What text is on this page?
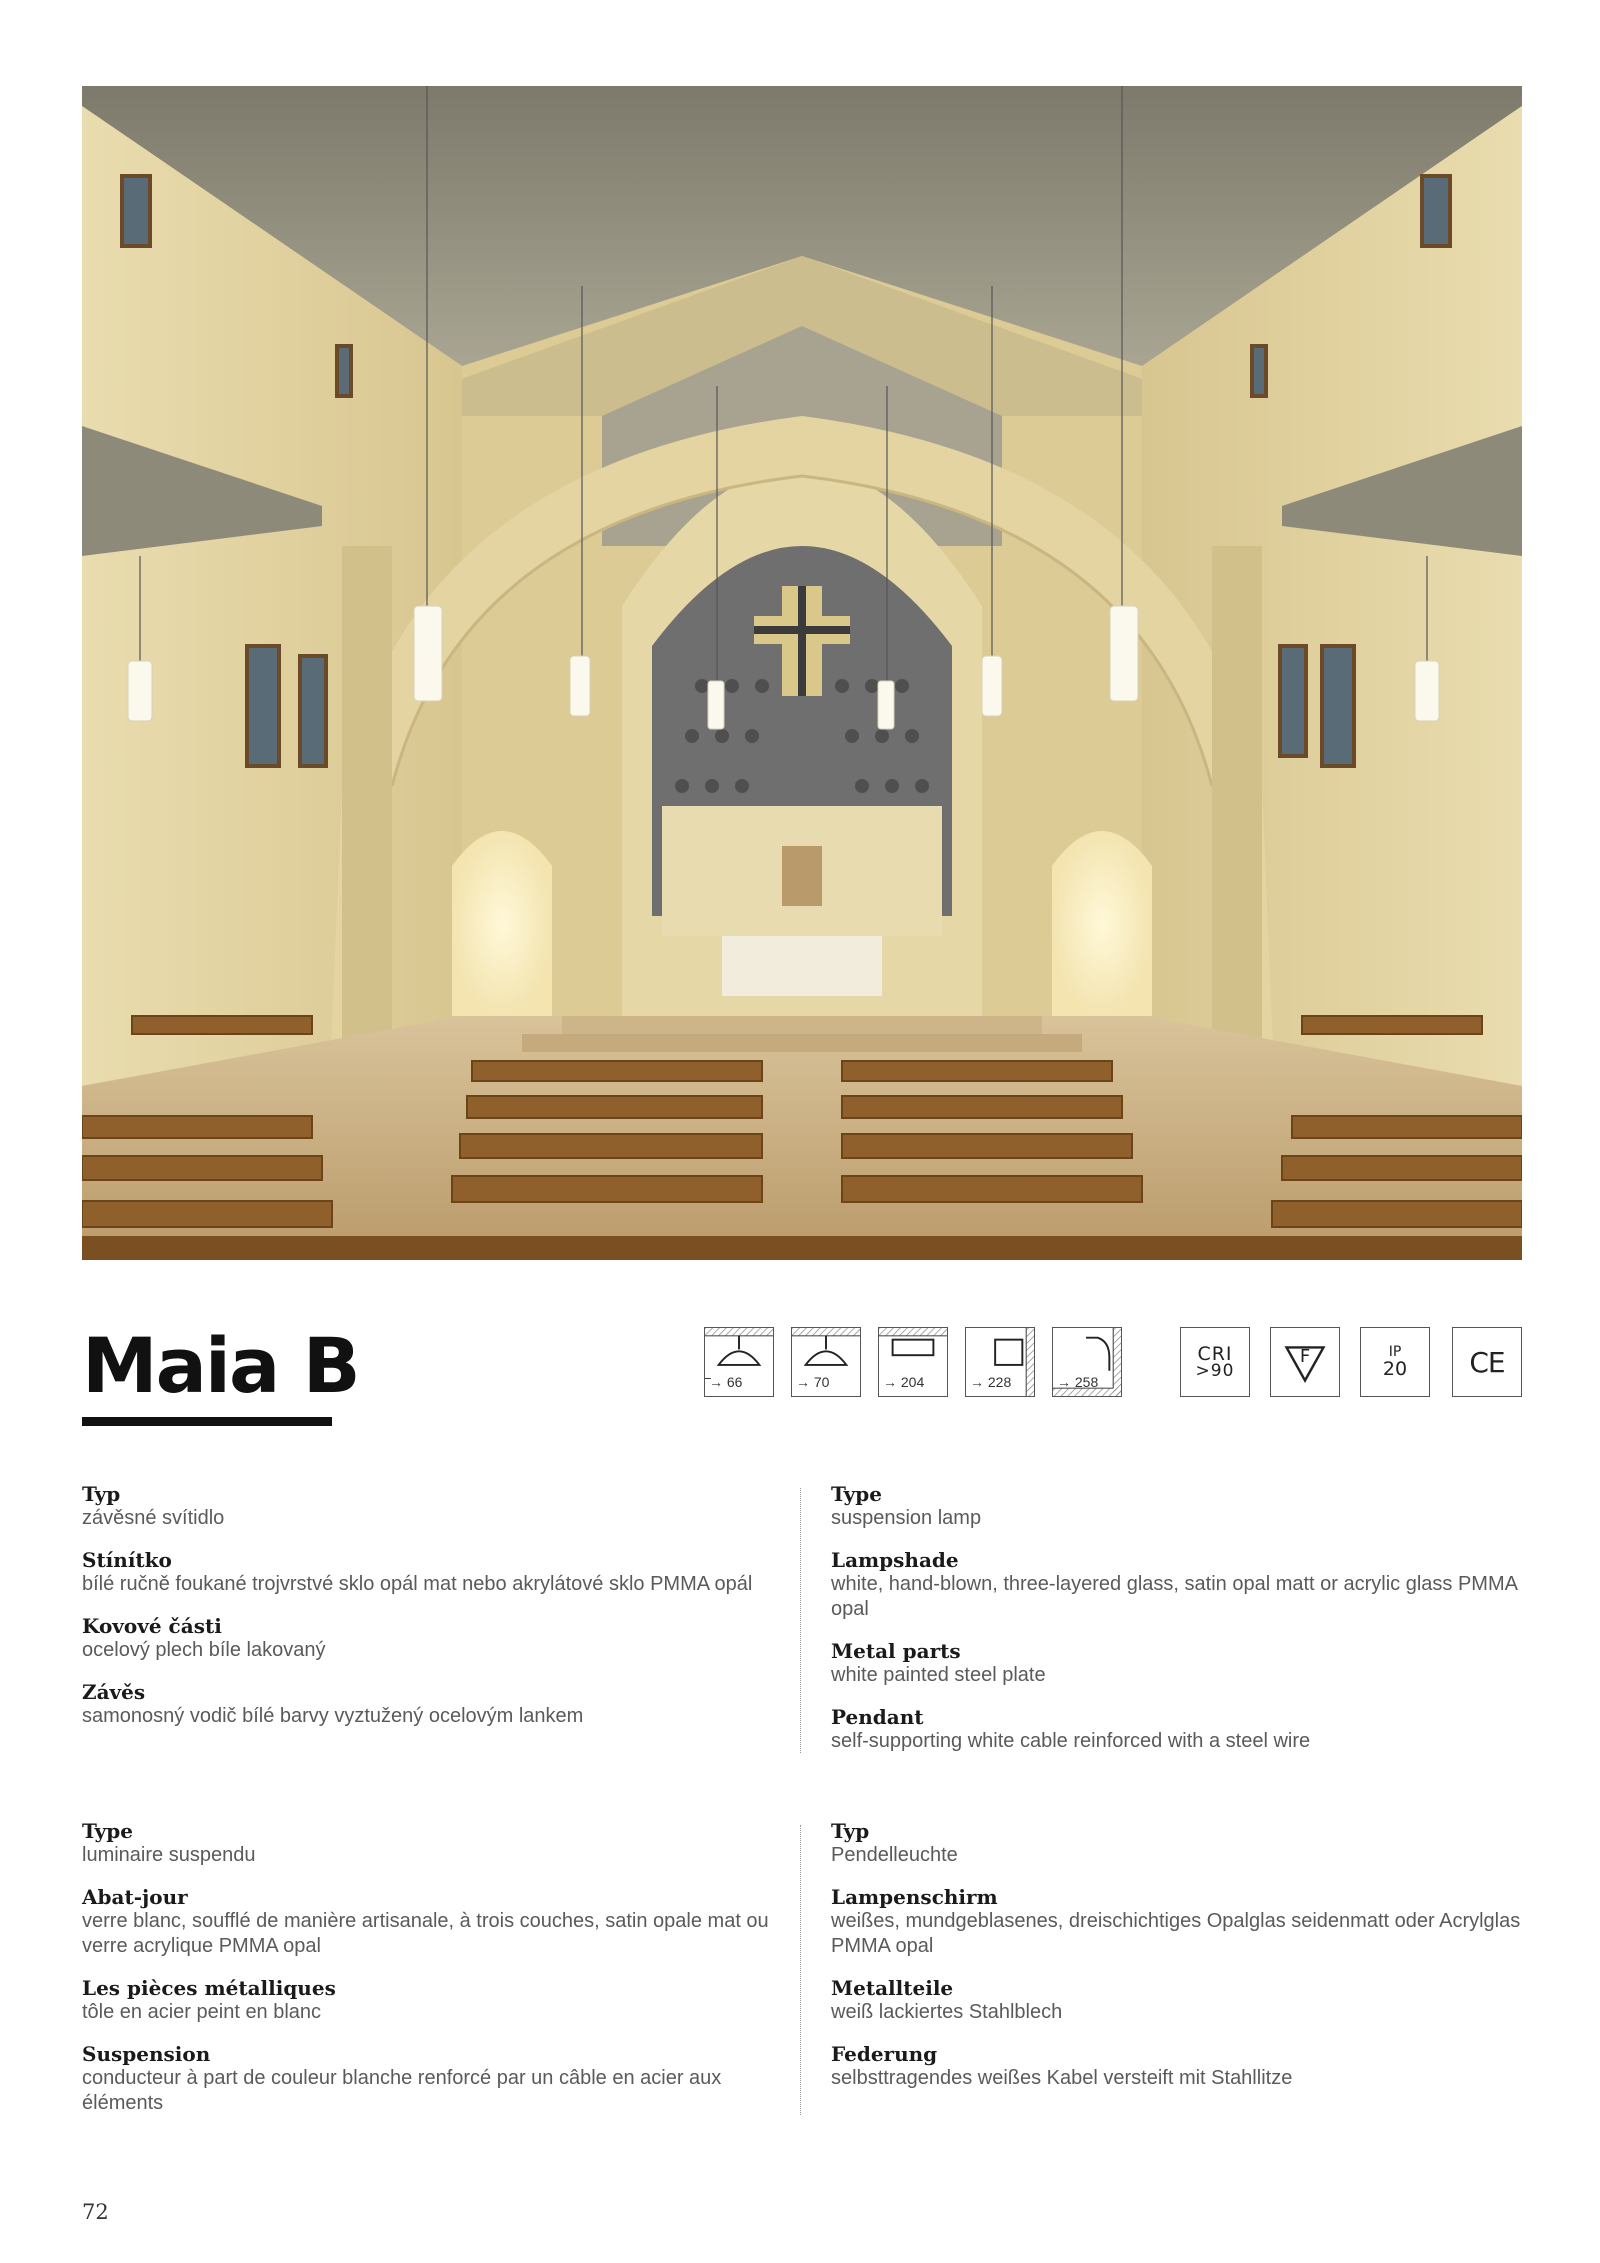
Maia B	→ 66	→ 70	→ 204	→ 228	→ 258
CRI
>90
F	IP
20 CE
Typ
závěsné svítidlo
Stínítko
bílé ručně foukané trojvrstvé sklo opál mat nebo akrylátové sklo PMMA opál
Kovové části
ocelový plech bíle lakovaný
Závěs
samonosný vodič bílé barvy vyztužený ocelovým lankem
Type
suspension lamp
Lampshade
white, hand-blown, three-layered glass, satin opal matt or acrylic glass PMMA opal
Metal parts
white painted steel plate
Pendant
self-supporting white cable reinforced with a steel wire
Type
luminaire suspendu
Abat-jour
verre blanc, soufflé de manière artisanale, à trois couches, satin opale mat ou verre acrylique PMMA opal
Les pièces métalliques
tôle en acier peint en blanc
Suspension
conducteur à part de couleur blanche renforcé par un câble en acier aux éléments
Typ
Pendelleuchte
Lampenschirm
weißes, mundgeblasenes, dreischichtiges Opalglas seidenmatt oder Acrylglas PMMA opal
Metallteile
weiß lackiertes Stahlblech
Federung
selbsttragendes weißes Kabel versteift mit Stahllitze
72
